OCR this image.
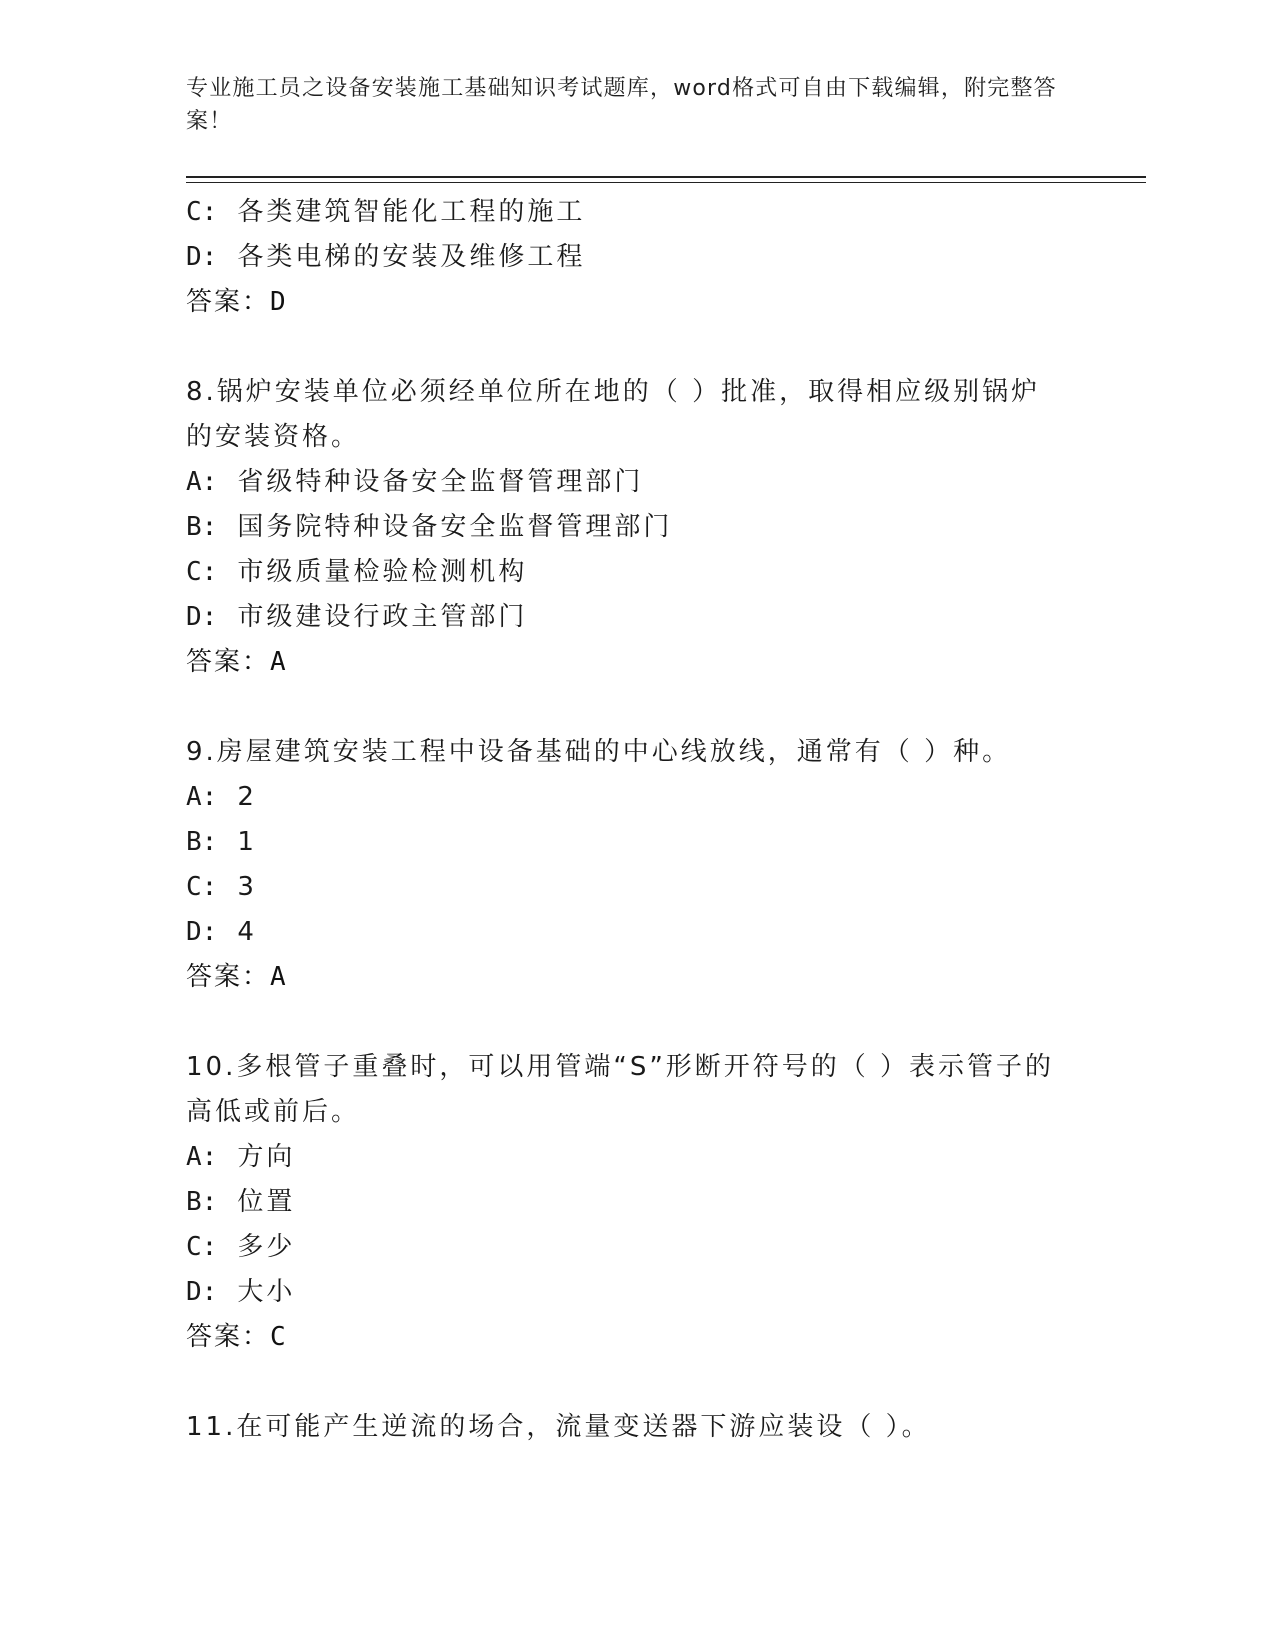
专业施工员之设备安装施工基础知识考试题库，word格式可自由下载编辑，附完整答案！
C: 各类建筑智能化工程的施工
D: 各类电梯的安装及维修工程
答案：D
8.锅炉安装单位必须经单位所在地的（ ）批准，取得相应级别锅炉的安装资格。
A: 省级特种设备安全监督管理部门
B: 国务院特种设备安全监督管理部门
C: 市级质量检验检测机构
D: 市级建设行政主管部门
答案：A
9.房屋建筑安装工程中设备基础的中心线放线，通常有（ ）种。
A: 2
B: 1
C: 3
D: 4
答案：A
10.多根管子重叠时，可以用管端“S”形断开符号的（ ）表示管子的高低或前后。
A: 方向
B: 位置
C: 多少
D: 大小
答案：C
11.在可能产生逆流的场合，流量变送器下游应装设（ ）。
